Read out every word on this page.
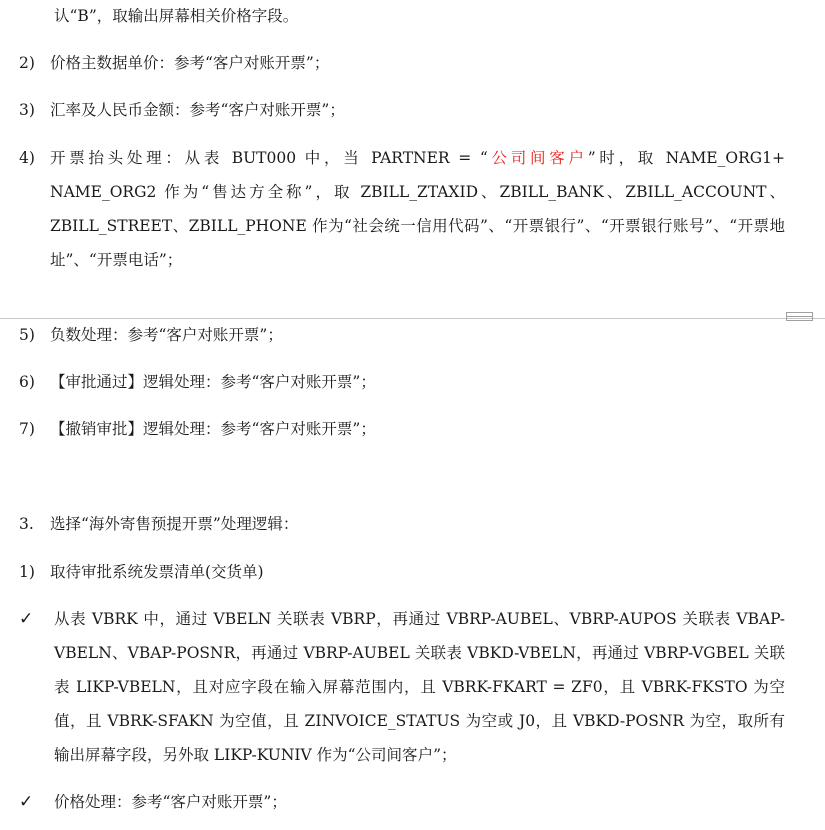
认“B”，取输出屏幕相关价格字段。
2) 价格主数据单价：参考“客户对账开票”；
3) 汇率及人民币金额：参考“客户对账开票”；
4) 开票抬头处理：从表 BUT000 中，当 PARTNER = “公司间客户”时，取 NAME_ORG1+ NAME_ORG2 作为“售达方全称”，取 ZBILL_ZTAXID、ZBILL_BANK、ZBILL_ACCOUNT、ZBILL_STREET、ZBILL_PHONE 作为“社会统一信用代码”、“开票银行”、“开票银行账号”、“开票地址”、“开票电话”；
5) 负数处理：参考“客户对账开票”；
6) 【审批通过】逻辑处理：参考“客户对账开票”；
7) 【撤销审批】逻辑处理：参考“客户对账开票”；
3. 选择“海外寄售预提开票”处理逻辑：
1) 取待审批系统发票清单(交货单)
✓ 从表 VBRK 中，通过 VBELN 关联表 VBRP，再通过 VBRP-AUBEL、VBRP-AUPOS 关联表 VBAP-VBELN、VBAP-POSNR，再通过 VBRP-AUBEL 关联表 VBKD-VBELN，再通过 VBRP-VGBEL 关联表 LIKP-VBELN，且对应字段在输入屏幕范围内，且 VBRK-FKART = ZF0，且 VBRK-FKSTO 为空值，且 VBRK-SFAKN 为空值，且 ZINVOICE_STATUS 为空或 J0，且 VBKD-POSNR 为空，取所有输出屏幕字段，另外取 LIKP-KUNIV 作为“公司间客户”；
✓ 价格处理：参考“客户对账开票”；
